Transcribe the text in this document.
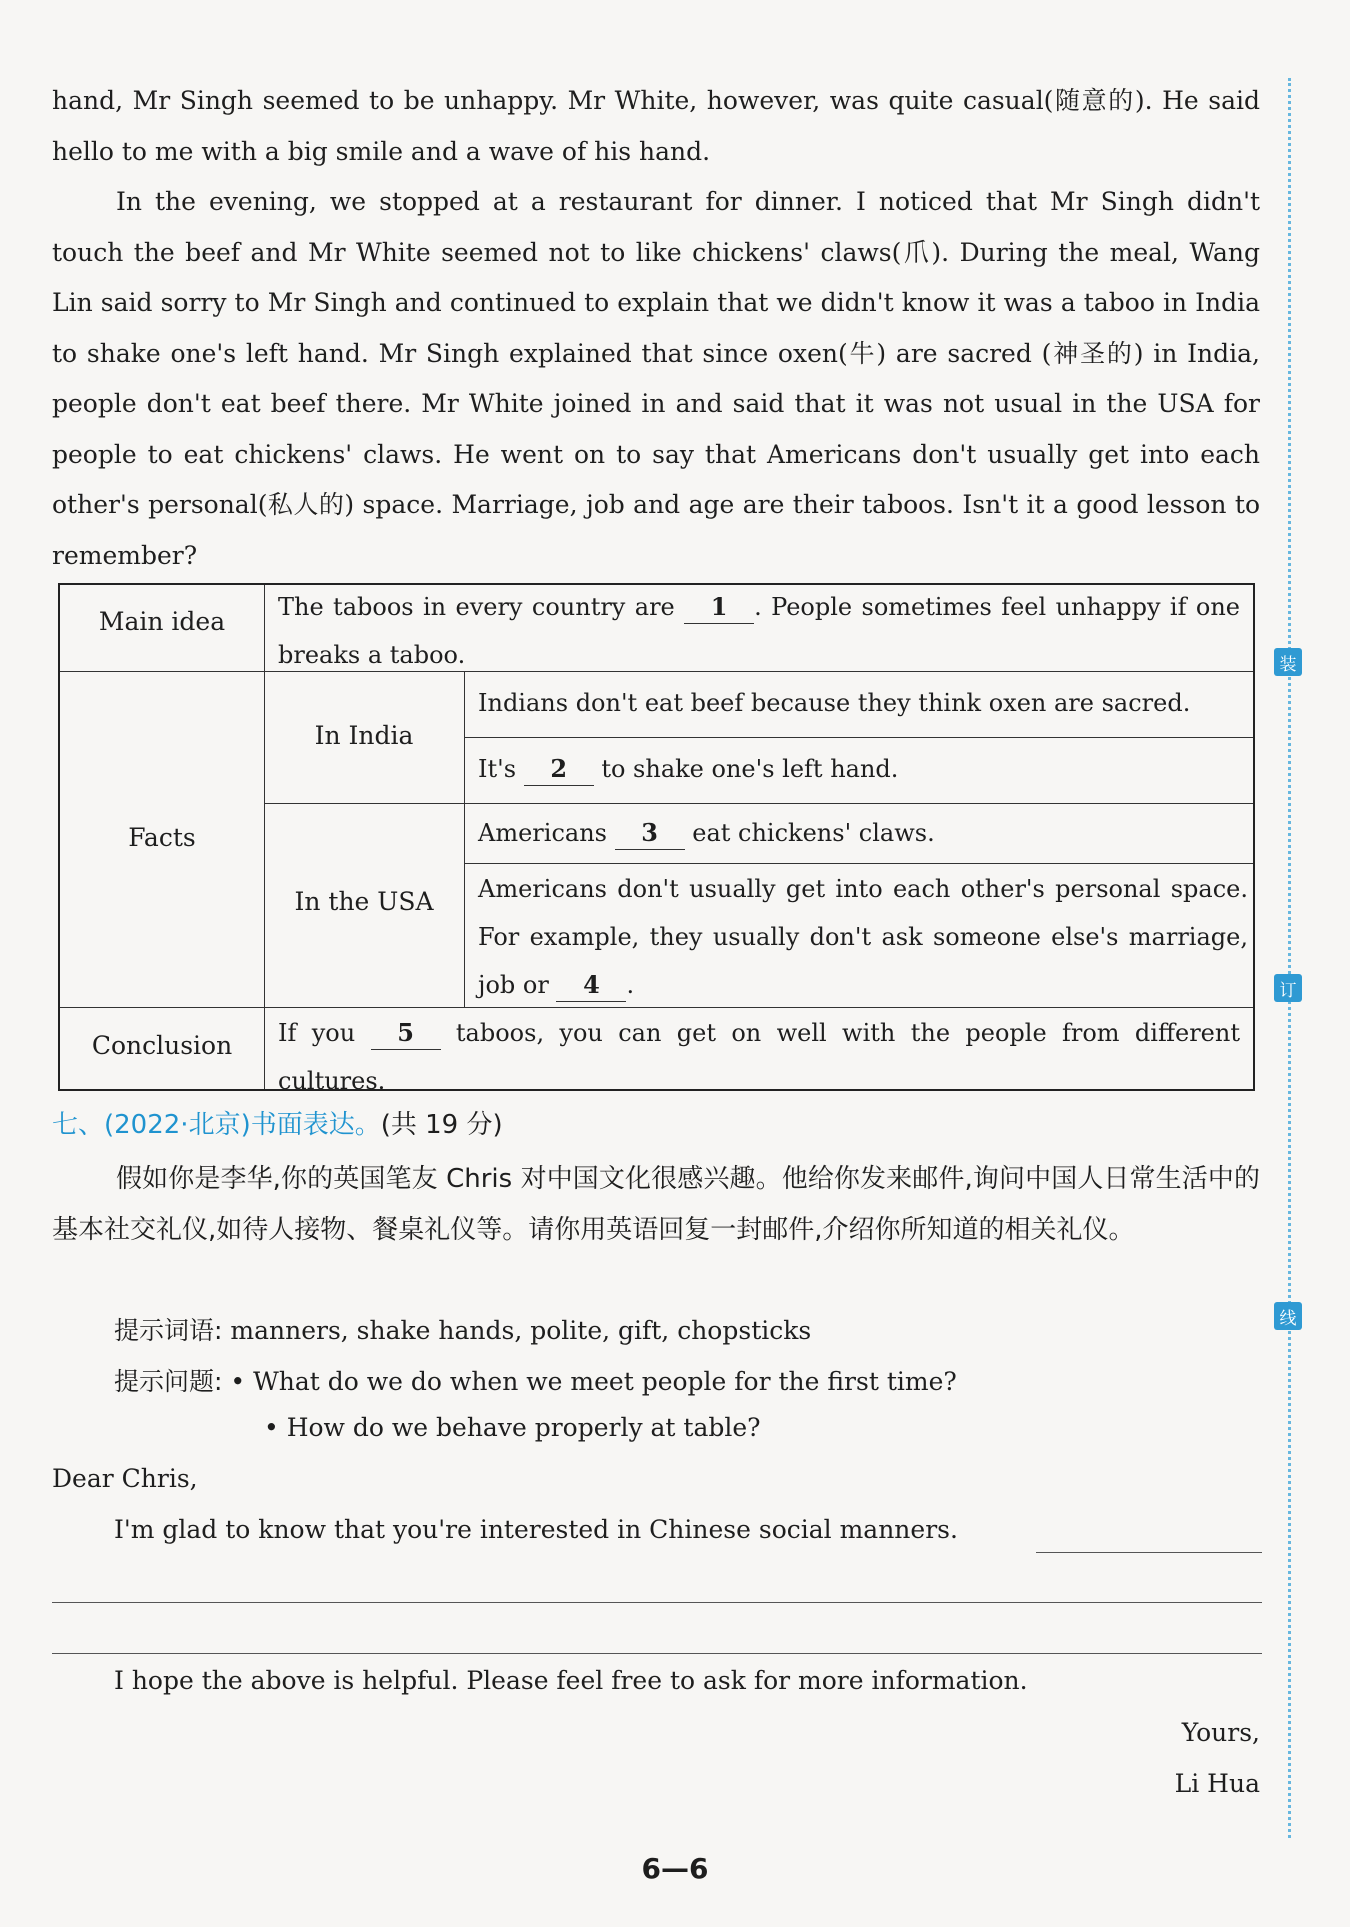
hand, Mr Singh seemed to be unhappy. Mr White, however, was quite casual(随意的). He said hello to me with a big smile and a wave of his hand.

In the evening, we stopped at a restaurant for dinner. I noticed that Mr Singh didn't touch the beef and Mr White seemed not to like chickens' claws(爪). During the meal, Wang Lin said sorry to Mr Singh and continued to explain that we didn't know it was a taboo in India to shake one's left hand. Mr Singh explained that since oxen(牛) are sacred (神圣的) in India, people don't eat beef there. Mr White joined in and said that it was not usual in the USA for people to eat chickens' claws. He went on to say that Americans don't usually get into each other's personal(私人的) space. Marriage, job and age are their taboos. Isn't it a good lesson to remember?

Main idea	The taboos in every country are 1 . People sometimes feel unhappy if one breaks a taboo.
Facts
In India
Indians don't eat beef because they think oxen are sacred.
It's 2 to shake one's left hand.
In the USA
Americans 3 eat chickens' claws.
Americans don't usually get into each other's personal space. For example, they usually don't ask someone else's marriage, job or 4 .
Conclusion	If you 5 taboos, you can get on well with the people from different cultures.
七、(2022·北京)书面表达。(共 19 分)

假如你是李华,你的英国笔友 Chris 对中国文化很感兴趣。他给你发来邮件,询问中国人日常生活中的基本社交礼仪,如待人接物、餐桌礼仪等。请你用英语回复一封邮件,介绍你所知道的相关礼仪。

提示词语: manners, shake hands, polite, gift, chopsticks
提示问题: • What do we do when we meet people for the first time?
• How do we behave properly at table?
Dear Chris,
I'm glad to know that you're interested in Chinese social manners.
I hope the above is helpful. Please feel free to ask for more information.
Yours,
Li Hua
装
订
线
6—6
